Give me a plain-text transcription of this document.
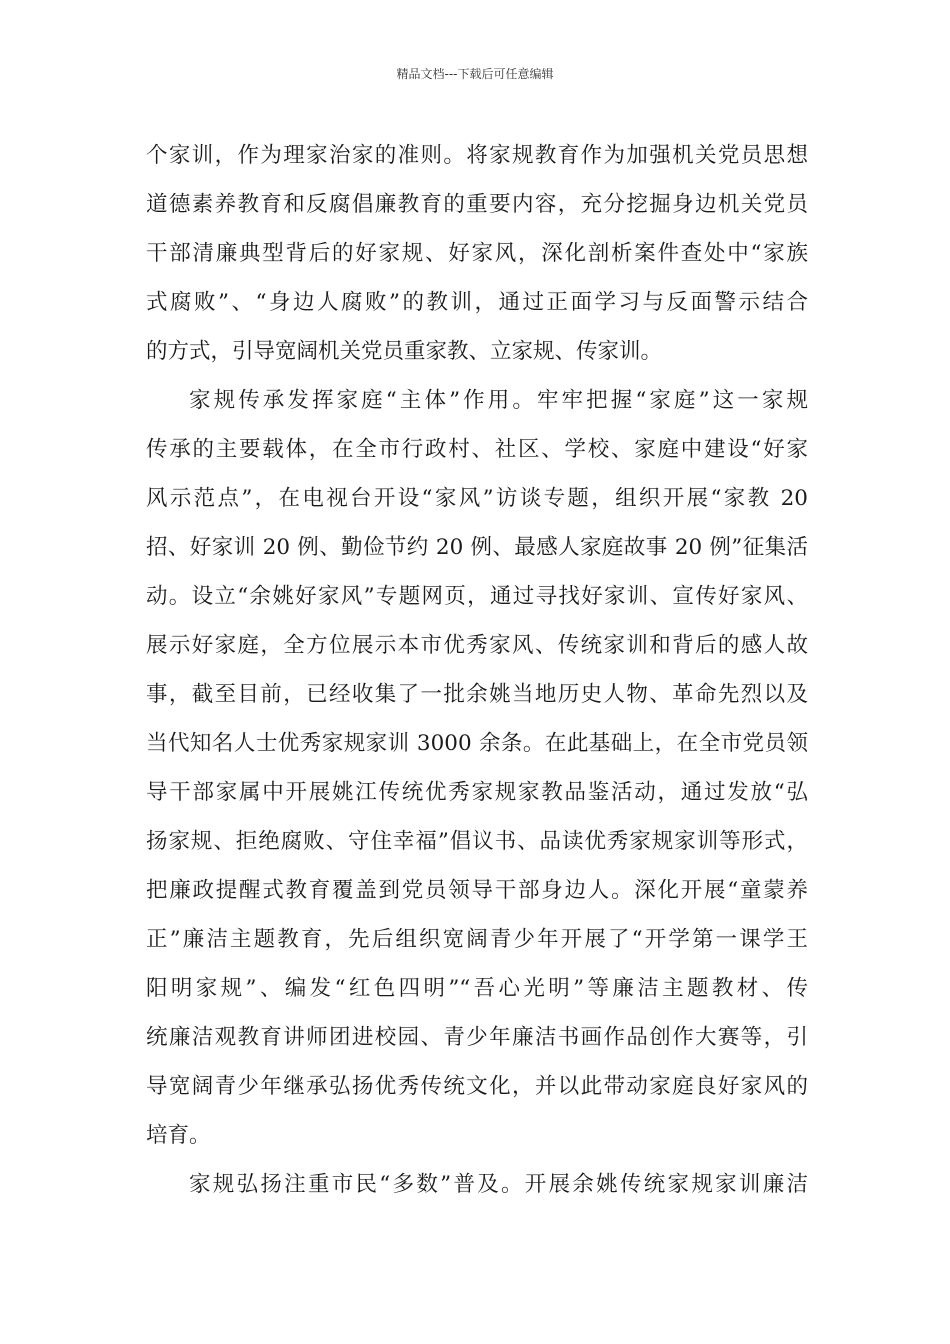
精品文档---下载后可任意编辑
个家训，作为理家治家的准则。将家规教育作为加强机关党员思想
道德素养教育和反腐倡廉教育的重要内容，充分挖掘身边机关党员
干部清廉典型背后的好家规、好家风，深化剖析案件查处中“家族
式腐败”、“身边人腐败”的教训，通过正面学习与反面警示结合
的方式，引导宽阔机关党员重家教、立家规、传家训。
家规传承发挥家庭“主体”作用。牢牢把握“家庭”这一家规
传承的主要载体，在全市行政村、社区、学校、家庭中建设“好家
风示范点”，在电视台开设“家风”访谈专题，组织开展“家教 20
招、好家训 20 例、勤俭节约 20 例、最感人家庭故事 20 例”征集活
动。设立“余姚好家风”专题网页，通过寻找好家训、宣传好家风、
展示好家庭，全方位展示本市优秀家风、传统家训和背后的感人故
事，截至目前，已经收集了一批余姚当地历史人物、革命先烈以及
当代知名人士优秀家规家训 3000 余条。在此基础上，在全市党员领
导干部家属中开展姚江传统优秀家规家教品鉴活动，通过发放“弘
扬家规、拒绝腐败、守住幸福”倡议书、品读优秀家规家训等形式，
把廉政提醒式教育覆盖到党员领导干部身边人。深化开展“童蒙养
正”廉洁主题教育，先后组织宽阔青少年开展了“开学第一课学王
阳明家规”、编发“红色四明”“吾心光明”等廉洁主题教材、传
统廉洁观教育讲师团进校园、青少年廉洁书画作品创作大赛等，引
导宽阔青少年继承弘扬优秀传统文化，并以此带动家庭良好家风的
培育。
家规弘扬注重市民“多数”普及。开展余姚传统家规家训廉洁
